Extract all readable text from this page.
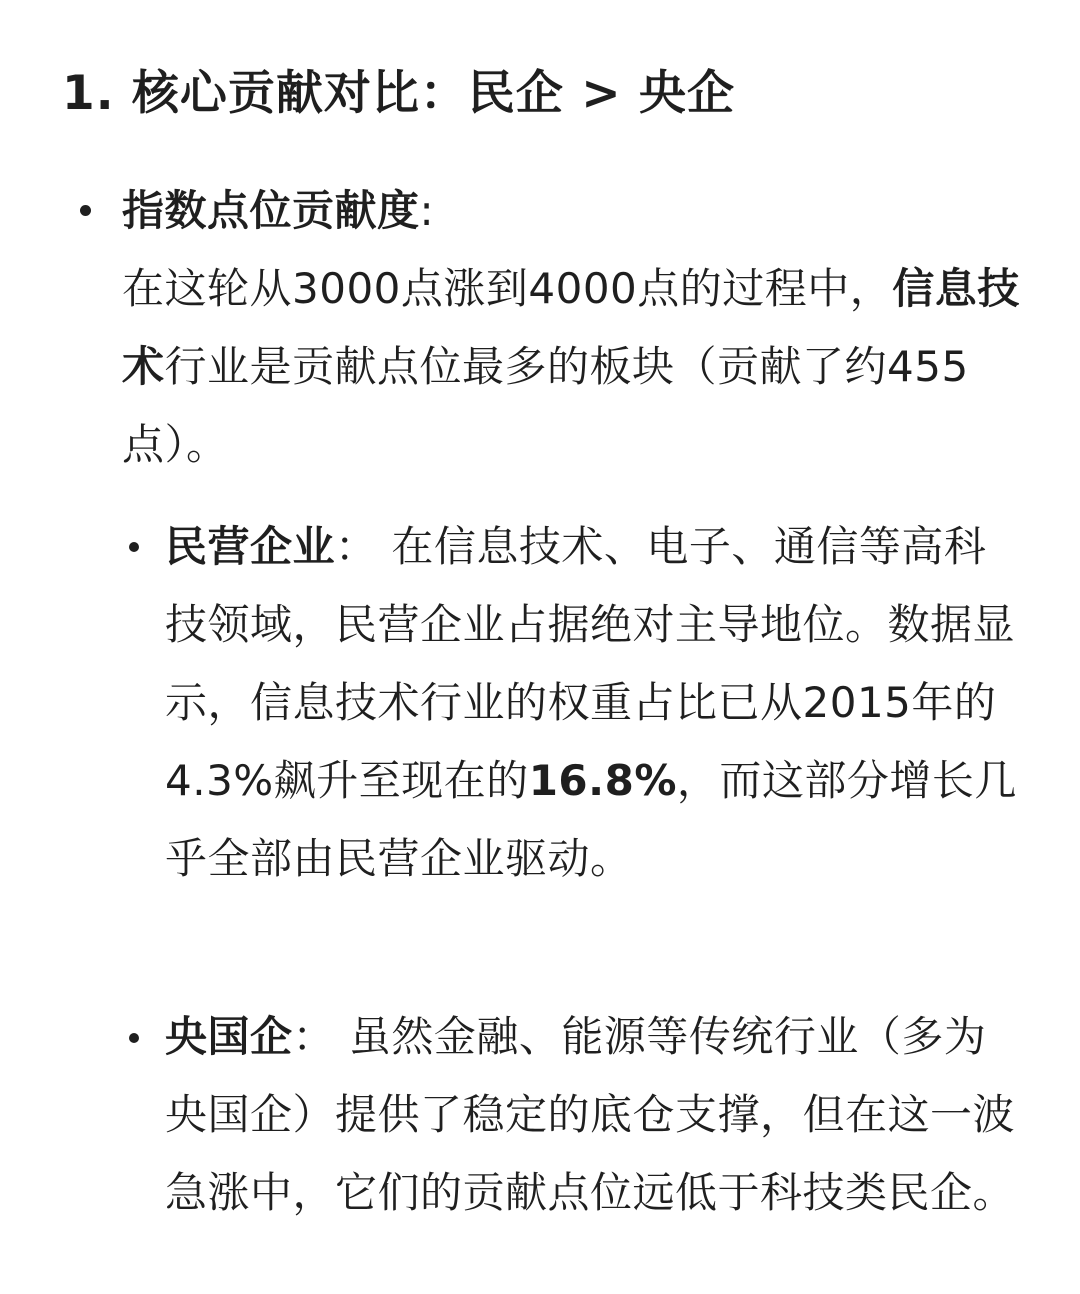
1. 核心贡献对比：民企 > 央企

指数点位贡献度:
在这轮从3000点涨到4000点的过程中，信息技术行业是贡献点位最多的板块（贡献了约455点）。

民营企业： 在信息技术、电子、通信等高科技领域，民营企业占据绝对主导地位。数据显示，信息技术行业的权重占比已从2015年的4.3%飙升至现在的16.8%，而这部分增长几乎全部由民营企业驱动。

央国企： 虽然金融、能源等传统行业（多为央国企）提供了稳定的底仓支撑，但在这一波急涨中，它们的贡献点位远低于科技类民企。
